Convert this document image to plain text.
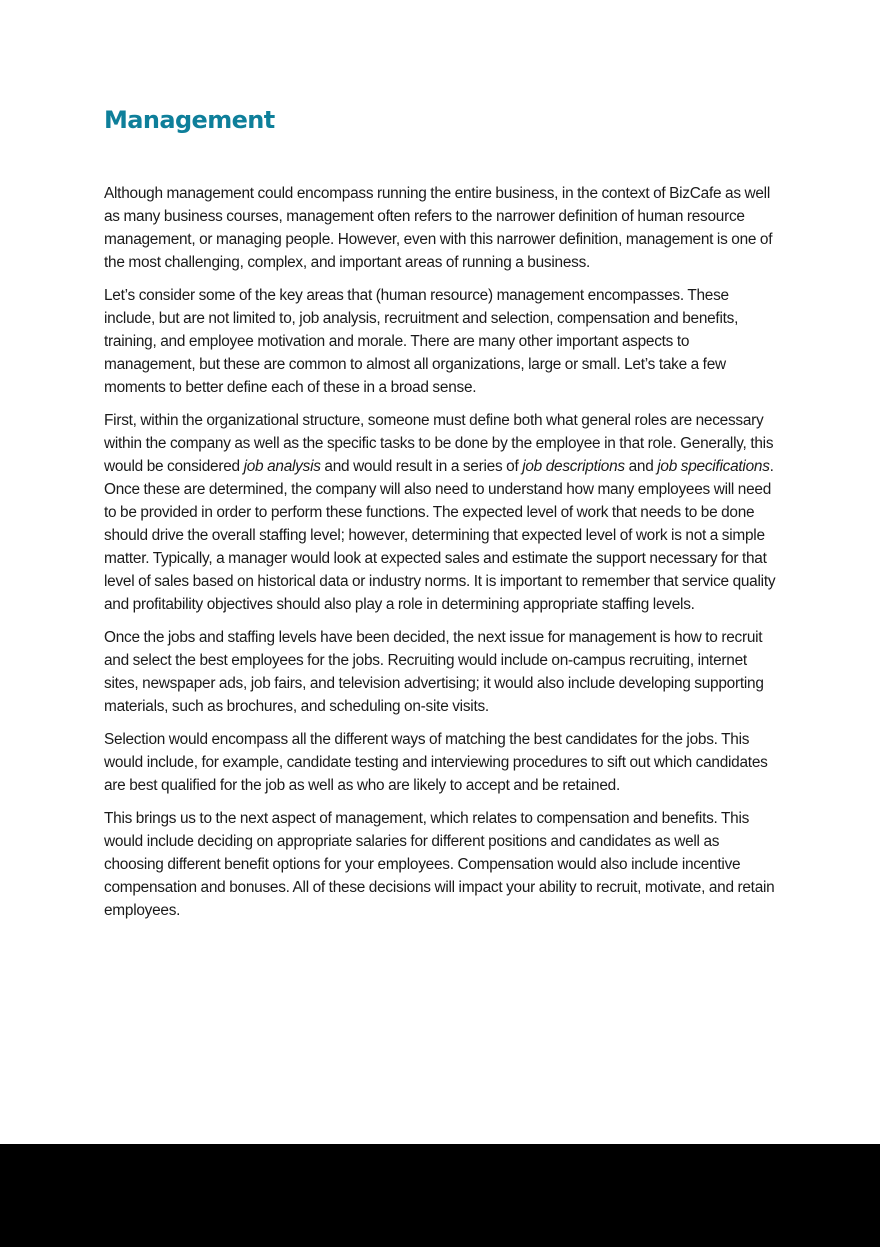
Management

Although management could encompass running the entire business, in the context of BizCafe as well as many business courses, management often refers to the narrower definition of human resource management, or managing people. However, even with this narrower definition, management is one of the most challenging, complex, and important areas of running a business.

Let’s consider some of the key areas that (human resource) management encompasses. These include, but are not limited to, job analysis, recruitment and selection, compensation and benefits, training, and employee motivation and morale. There are many other important aspects to management, but these are common to almost all organizations, large or small. Let’s take a few moments to better define each of these in a broad sense.

First, within the organizational structure, someone must define both what general roles are necessary within the company as well as the specific tasks to be done by the employee in that role. Generally, this would be considered job analysis and would result in a series of job descriptions and job specifications. Once these are determined, the company will also need to understand how many employees will need to be provided in order to perform these functions. The expected level of work that needs to be done should drive the overall staffing level; however, determining that expected level of work is not a simple matter. Typically, a manager would look at expected sales and estimate the support necessary for that level of sales based on historical data or industry norms. It is important to remember that service quality and profitability objectives should also play a role in determining appropriate staffing levels.

Once the jobs and staffing levels have been decided, the next issue for management is how to recruit and select the best employees for the jobs. Recruiting would include on-campus recruiting, internet sites, newspaper ads, job fairs, and television advertising; it would also include developing supporting materials, such as brochures, and scheduling on-site visits.

Selection would encompass all the different ways of matching the best candidates for the jobs. This would include, for example, candidate testing and interviewing procedures to sift out which candidates are best qualified for the job as well as who are likely to accept and be retained.

This brings us to the next aspect of management, which relates to compensation and benefits. This would include deciding on appropriate salaries for different positions and candidates as well as choosing different benefit options for your employees. Compensation would also include incentive compensation and bonuses. All of these decisions will impact your ability to recruit, motivate, and retain employees.
